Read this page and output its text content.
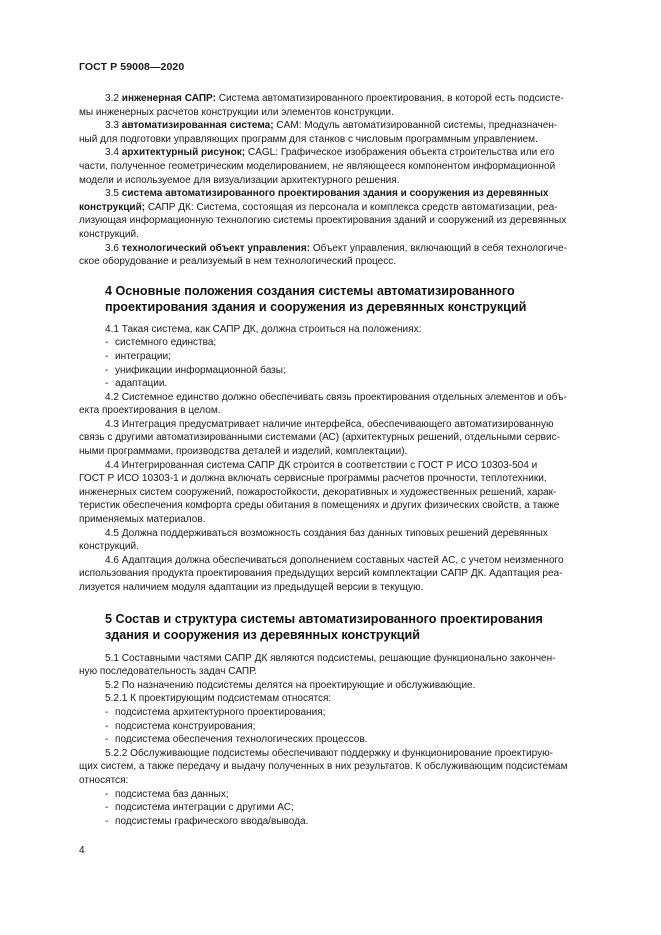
ГОСТ Р 59008—2020

3.2 инженерная САПР: Система автоматизированного проектирования, в которой есть подсисте-

мы инженерных расчетов конструкции или элементов конструкции.

3.3 автоматизированная система; CAM: Модуль автоматизированной системы, предназначен-

ный для подготовки управляющих программ для станков с числовым программным управлением.

3.4 архитектурный рисунок; CAGL: Графическое изображения объекта строительства или его

части, полученное геометрическим моделированием, не являющееся компонентом информационной

модели и используемое для визуализации архитектурного решения.

3.5 система автоматизированного проектирования здания и сооружения из деревянных

конструкций; САПР ДК: Система, состоящая из персонала и комплекса средств автоматизации, реа-

лизующая информационную технологию системы проектирования зданий и сооружений из деревянных

конструкций.

3.6 технологический объект управления: Объект управления, включающий в себя технологиче-

ское оборудование и реализуемый в нем технологический процесс.

4 Основные положения создания системы автоматизированного
проектирования здания и сооружения из деревянных конструкций

4.1 Такая система, как САПР ДК, должна строиться на положениях:

- системного единства;

- интеграции;

- унификации информационной базы;

- адаптации.

4.2 Системное единство должно обеспечивать связь проектирования отдельных элементов и объ-

екта проектирования в целом.

4.3 Интеграция предусматривает наличие интерфейса, обеспечивающего автоматизированную

связь с другими автоматизированными системами (АС) (архитектурных решений, отдельными сервис-

ными программами, производства деталей и изделий, комплектации).

4.4 Интегрированная система САПР ДК строится в соответствии с ГОСТ Р ИСО 10303-504 и

ГОСТ Р ИСО 10303-1 и должна включать сервисные программы расчетов прочности, теплотехники,

инженерных систем сооружений, пожаростойкости, декоративных и художественных решений, харак-

теристик обеспечения комфорта среды обитания в помещениях и других физических свойств, а также

применяемых материалов.

4.5 Должна поддерживаться возможность создания баз данных типовых решений деревянных

конструкций.

4.6 Адаптация должна обеспечиваться дополнением составных частей АС, с учетом неизменного

использования продукта проектирования предыдущих версий комплектации САПР ДК. Адаптация реа-

лизуется наличием модуля адаптации из предыдущей версии в текущую.

5 Состав и структура системы автоматизированного проектирования
здания и сооружения из деревянных конструкций

5.1 Составными частями САПР ДК являются подсистемы, решающие функционально закончен-

ную последовательность задач САПР.

5.2 По назначению подсистемы делятся на проектирующие и обслуживающие.

5.2.1 К проектирующим подсистемам относятся:

- подсистема архитектурного проектирования;

- подсистема конструирования;

- подсистема обеспечения технологических процессов.

5.2.2 Обслуживающие подсистемы обеспечивают поддержку и функционирование проектирую-

щих систем, а также передачу и выдачу полученных в них результатов. К обслуживающим подсистемам

относятся:

- подсистема баз данных;

- подсистема интеграции с другими АС;

- подсистемы графического ввода/вывода.

4
